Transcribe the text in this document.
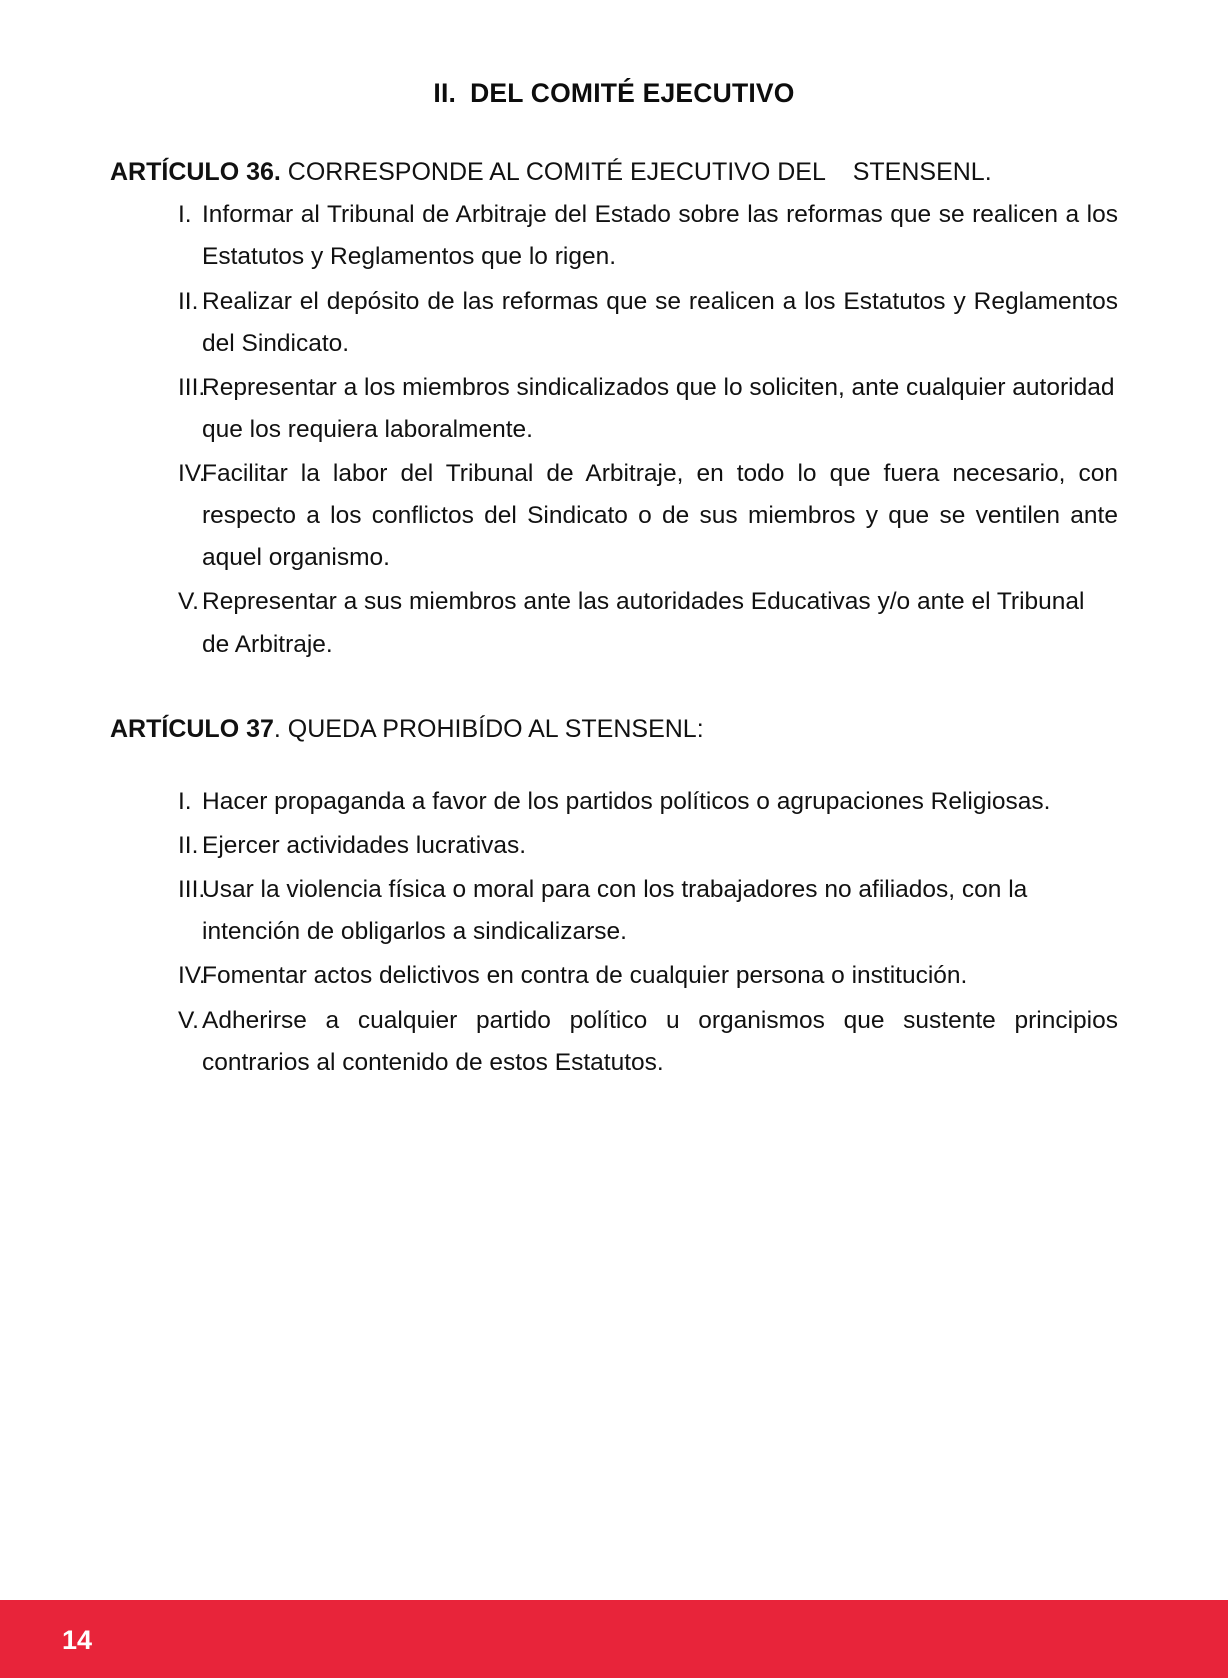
II. DEL COMITÉ EJECUTIVO

ARTÍCULO 36. CORRESPONDE AL COMITÉ EJECUTIVO DEL    STENSENL.

I. Informar al Tribunal de Arbitraje del Estado sobre las reformas que se realicen a los Estatutos y Reglamentos que lo rigen.
II. Realizar el depósito de las reformas que se realicen a los Estatutos y Reglamentos del Sindicato.
III.
Representar a los miembros sindicalizados que lo soliciten, ante cualquier autoridad que los requiera laboralmente.
IV.
Facilitar la labor del Tribunal de Arbitraje, en todo lo que fuera necesario, con respecto a los conflictos del Sindicato o de sus miembros y que se ventilen ante aquel organismo.
V. Representar a sus miembros ante las autoridades Educativas y/o ante el Tribunal de Arbitraje.

ARTÍCULO 37. QUEDA PROHIBÍDO AL STENSENL:

I. Hacer propaganda a favor de los partidos políticos o agrupaciones Religiosas.
II. Ejercer actividades lucrativas.
III.
Usar la violencia física o moral para con los trabajadores no afiliados, con la intención de obligarlos a sindicalizarse.
IV.
Fomentar actos delictivos en contra de cualquier persona o institución.
V. Adherirse a cualquier partido político u organismos que sustente principios contrarios al contenido de estos Estatutos.
14
